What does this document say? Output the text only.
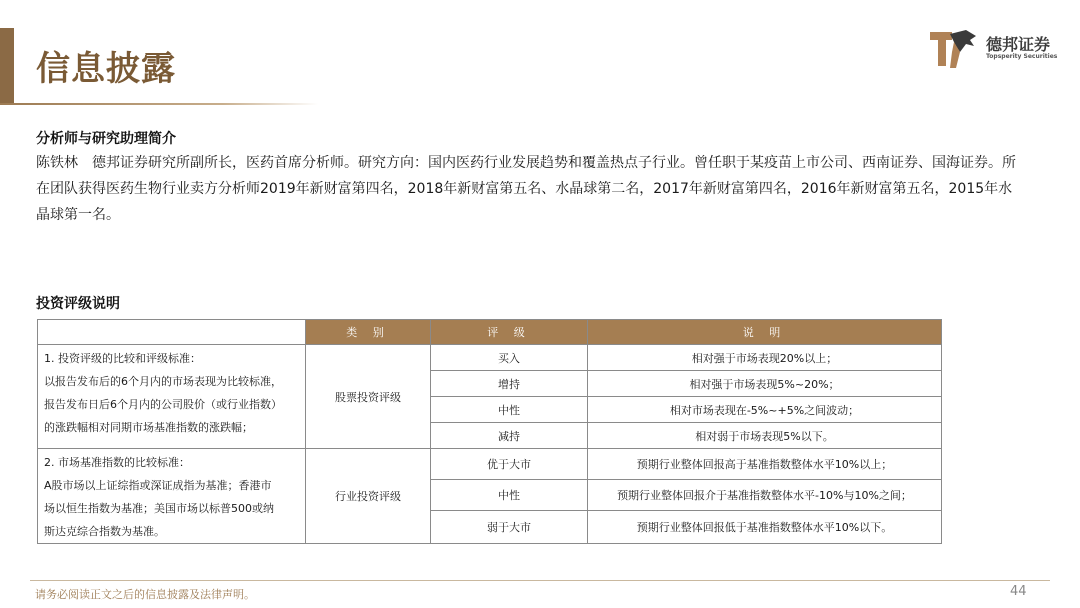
信息披露
德邦证券
Topsperity Securities
分析师与研究助理简介
陈铁林　德邦证券研究所副所长，医药首席分析师。研究方向：国内医药行业发展趋势和覆盖热点子行业。曾任职于某疫苗上市公司、西南证券、国海证券。所在团队获得医药生物行业卖方分析师2019年新财富第四名，2018年新财富第五名、水晶球第二名，2017年新财富第四名，2016年新财富第五名，2015年水晶球第一名。
投资评级说明
	类 别	评 级	说 明

1. 投资评级的比较和评级标准：
以报告发布后的6个月内的市场表现为比较标准，
报告发布日后6个月内的公司股价（或行业指数）
的涨跌幅相对同期市场基准指数的涨跌幅；	股票投资评级	买入	相对强于市场表现20%以上；
		增持	相对强于市场表现5%~20%；
		中性	相对市场表现在-5%~+5%之间波动；
		减持	相对弱于市场表现5%以下。

2. 市场基准指数的比较标准：
A股市场以上证综指或深证成指为基准；香港市
场以恒生指数为基准；美国市场以标普500或纳
斯达克综合指数为基准。	行业投资评级	优于大市	预期行业整体回报高于基准指数整体水平10%以上；
		中性	预期行业整体回报介于基准指数整体水平-10%与10%之间；
		弱于大市	预期行业整体回报低于基准指数整体水平10%以下。
请务必阅读正文之后的信息披露及法律声明。	44
